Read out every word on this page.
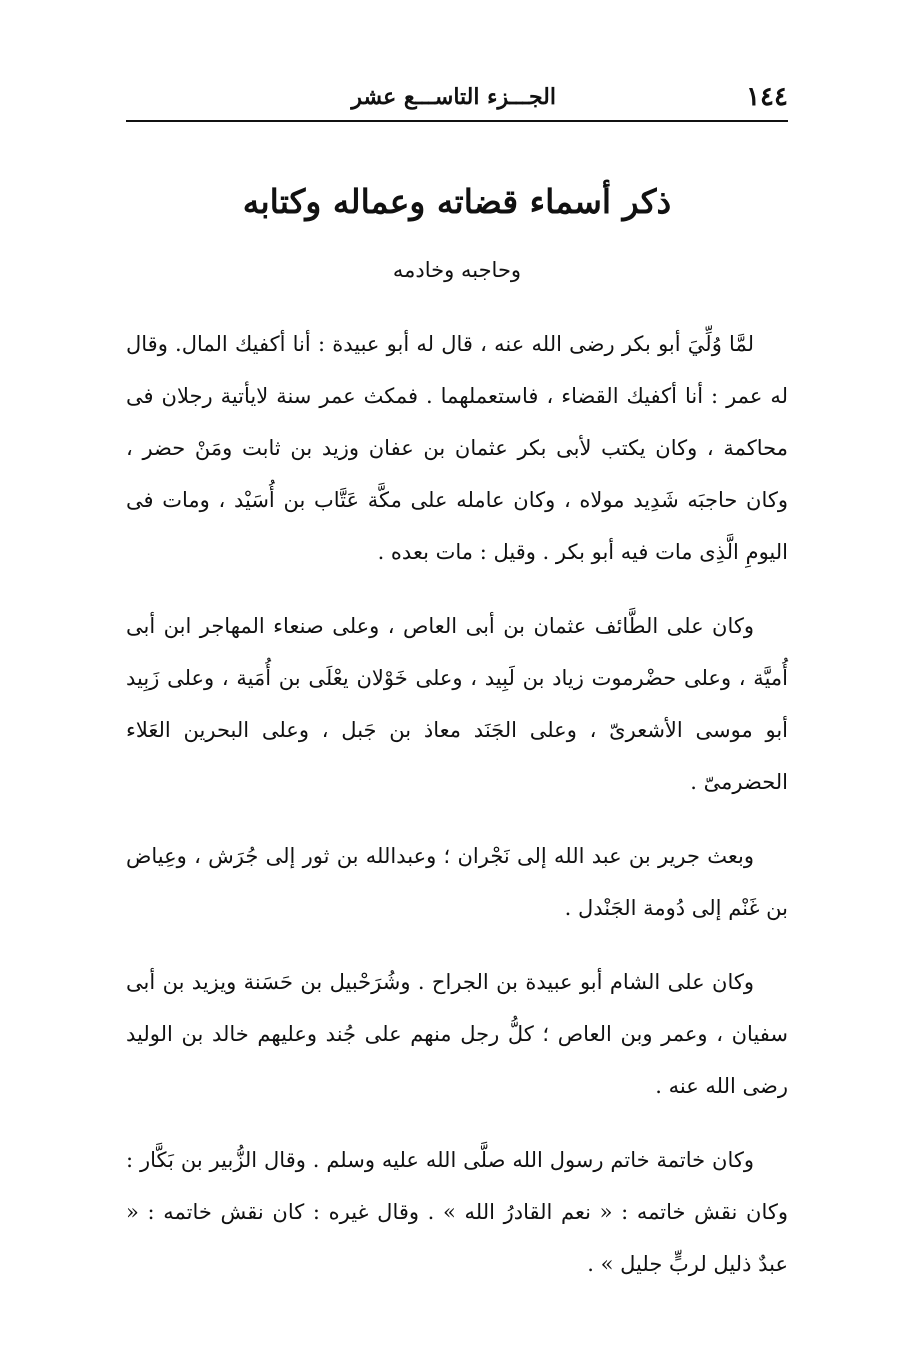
١٤٤
الجـــزء التاســـع عشر
ذكر أسماء قضاته وعماله وكتابه
وحاجبه وخادمه

لمَّا وُلِّيَ أبو بكر رضى الله عنه ، قال له أبو عبيدة : أنا أكفيك المال. وقال له عمر : أنا أكفيك القضاء ، فاستعملهما . فمكث عمر سنة لايأتية رجلان فى محاكمة ، وكان يكتب لأبى بكر عثمان بن عفان وزيد بن ثابت ومَنْ حضر ، وكان حاجبَه شَدِيد مولاه ، وكان عامله على مكَّة عَتَّاب بن أُسَيْد ، ومات فى اليومِ الَّذِى مات فيه أبو بكر . وقيل : مات بعده .

وكان على الطَّائف عثمان بن أبى العاص ، وعلى صنعاء المهاجر ابن أبى أُميَّة ، وعلى حضْرموت زياد بن لَبِيد ، وعلى خَوْلان يعْلَى بن أُمَية ، وعلى زَبِيد أبو موسى الأشعرىّ ، وعلى الجَنَد معاذ بن جَبل ، وعلى البحرين العَلاء الحضرمىّ .

وبعث جرير بن عبد الله إلى نَجْران ؛ وعبدالله بن ثور إلى جُرَش ، وعِياض بن غَنْم إلى دُومة الجَنْدل .

وكان على الشام أبو عبيدة بن الجراح . وشُرَحْبيل بن حَسَنة ويزيد بن أبى سفيان ، وعمر وبن العاص ؛ كلُّ رجل منهم على جُند وعليهم خالد بن الوليد رضى الله عنه .

وكان خاتمة خاتم رسول الله صلَّى الله عليه وسلم . وقال الزُّبير بن بَكَّار : وكان نقش خاتمه : « نعم القادرُ الله » . وقال غيره : كان نقش خاتمه : « عبدٌ ذليل لربٍّ جليل » .
